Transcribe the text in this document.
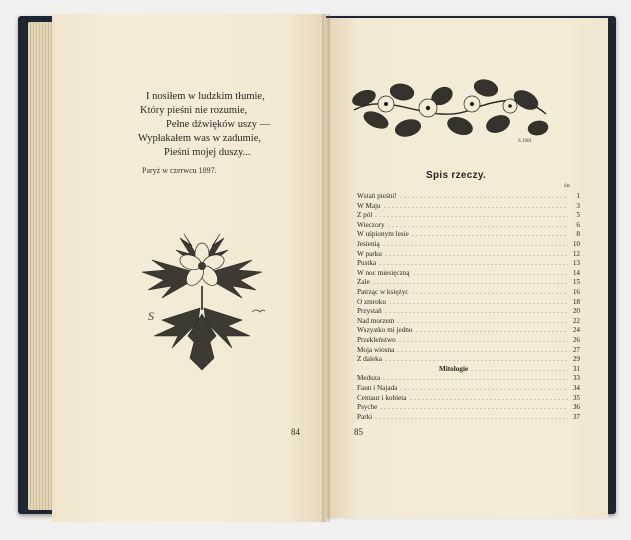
I nosiłem w ludzkim tłumie,
Który pieśni nie rozumie,
Pełne dźwięków uszy —
Wypłakałem was w zadumie,
Pieśni mojej duszy...
Paryż w czerwcu 1897.
S
84
S.1901
Spis rzeczy.
Str.
Wstań pieśni!	1
W Maju	3
Z pól	5
Wieczory	6
W uśpionym lesie	8
Jesienią	10
W parku	12
Pustka	13
W noc miesięczną	14
Żale	15
Patrząc w księżyc	16
O zmroku	18
Przystań	20
Nad morzem	22
Wszystko mi jedno	24
Przekleństwo	26
Moja wiosna	27
Z daleka	29
Mitologie	31
Meduza	33
Faun i Najada	34
Centaur i kobieta	35
Psyche	36
Parki	37
85
